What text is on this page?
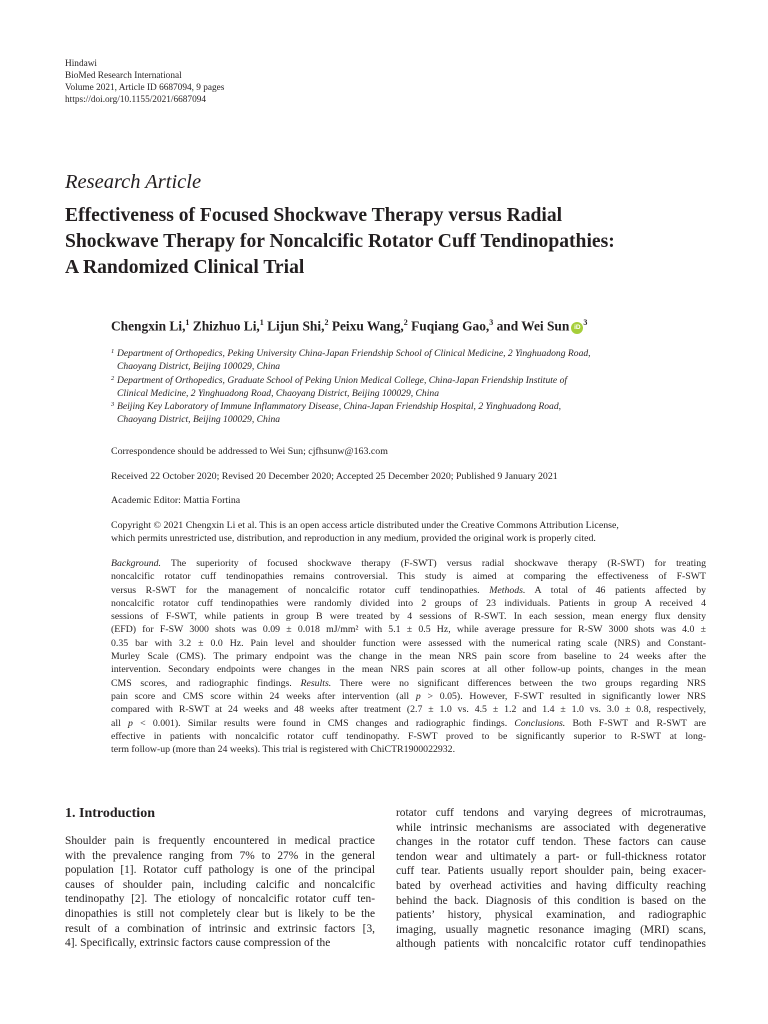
Hindawi
BioMed Research International
Volume 2021, Article ID 6687094, 9 pages
https://doi.org/10.1155/2021/6687094
Research Article
Effectiveness of Focused Shockwave Therapy versus Radial
Shockwave Therapy for Noncalcific Rotator Cuff Tendinopathies:
A Randomized Clinical Trial
Chengxin Li,$^1$ Zhizhuo Li,$^1$ Lijun Shi,$^2$ Peixu Wang,$^2$ Fuqiang Gao,$^3$ and Wei Sun $iD^3$
1 Department of Orthopedics, Peking University China-Japan Friendship School of Clinical Medicine, 2 Yinghuadong Road,
Chaoyang District, Beijing 100029, China
2 Department of Orthopedics, Graduate School of Peking Union Medical College, China-Japan Friendship Institute of
Clinical Medicine, 2 Yinghuadong Road, Chaoyang District, Beijing 100029, China
3 Beijing Key Laboratory of Immune Inflammatory Disease, China-Japan Friendship Hospital, 2 Yinghuadong Road,
Chaoyang District, Beijing 100029, China
Correspondence should be addressed to Wei Sun; cjfhsunw@163.com
Received 22 October 2020; Revised 20 December 2020; Accepted 25 December 2020; Published 9 January 2021
Academic Editor: Mattia Fortina
Copyright © 2021 Chengxin Li et al. This is an open access article distributed under the Creative Commons Attribution License,
which permits unrestricted use, distribution, and reproduction in any medium, provided the original work is properly cited.
Background. The superiority of focused shockwave therapy (F-SWT) versus radial shockwave therapy (R-SWT) for treating
noncalcific rotator cuff tendinopathies remains controversial. This study is aimed at comparing the effectiveness of F-SWT
versus R-SWT for the management of noncalcific rotator cuff tendinopathies. Methods. A total of 46 patients affected by
noncalcific rotator cuff tendinopathies were randomly divided into 2 groups of 23 individuals. Patients in group A received 4
sessions of F-SWT, while patients in group B were treated by 4 sessions of R-SWT. In each session, mean energy flux density
(EFD) for F-SW 3000 shots was 0.09 ± 0.018 mJ/mm² with 5.1 ± 0.5 Hz, while average pressure for R-SW 3000 shots was 4.0 ±
0.35 bar with 3.2 ± 0.0 Hz. Pain level and shoulder function were assessed with the numerical rating scale (NRS) and Constant-
Murley Scale (CMS). The primary endpoint was the change in the mean NRS pain score from baseline to 24 weeks after the
intervention. Secondary endpoints were changes in the mean NRS pain scores at all other follow-up points, changes in the mean
CMS scores, and radiographic findings. Results. There were no significant differences between the two groups regarding NRS
pain score and CMS score within 24 weeks after intervention (all p > 0.05). However, F-SWT resulted in significantly lower NRS
compared with R-SWT at 24 weeks and 48 weeks after treatment (2.7 ± 1.0 vs. 4.5 ± 1.2 and 1.4 ± 1.0 vs. 3.0 ± 0.8, respectively,
all p < 0.001). Similar results were found in CMS changes and radiographic findings. Conclusions. Both F-SWT and R-SWT are
effective in patients with noncalcific rotator cuff tendinopathy. F-SWT proved to be significantly superior to R-SWT at long-
term follow-up (more than 24 weeks). This trial is registered with ChiCTR1900022932.
1. Introduction
Shoulder pain is frequently encountered in medical practice
with the prevalence ranging from 7% to 27% in the general
population [1]. Rotator cuff pathology is one of the principal
causes of shoulder pain, including calcific and noncalcific
tendinopathy [2]. The etiology of noncalcific rotator cuff ten-
dinopathies is still not completely clear but is likely to be the
result of a combination of intrinsic and extrinsic factors [3,
4]. Specifically, extrinsic factors cause compression of the
rotator cuff tendons and varying degrees of microtraumas,
while intrinsic mechanisms are associated with degenerative
changes in the rotator cuff tendon. These factors can cause
tendon wear and ultimately a part- or full-thickness rotator
cuff tear. Patients usually report shoulder pain, being exacer-
bated by overhead activities and having difficulty reaching
behind the back. Diagnosis of this condition is based on the
patients’ history, physical examination, and radiographic
imaging, usually magnetic resonance imaging (MRI) scans,
although patients with noncalcific rotator cuff tendinopathies
